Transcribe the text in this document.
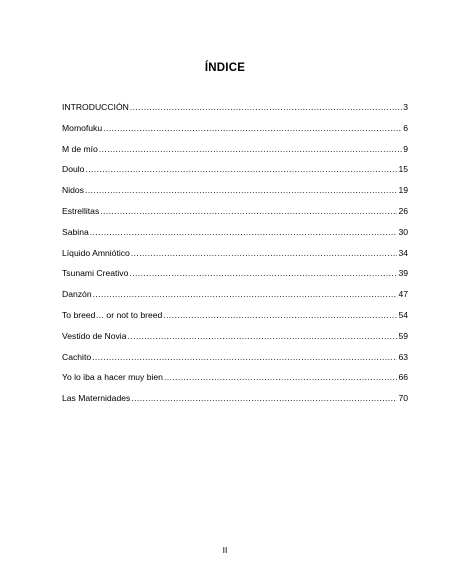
ÍNDICE
INTRODUCCIÓN .....	3
Momofuku .....	6
M de mío .....	9
Doulo .....	15
Nidos .....	19
Estrellitas .....	26
Sabina .....	30
Líquido Amniótico .....	34
Tsunami Creativo .....	39
Danzón .....	47
To breed… or not to breed .....	54
Vestido de Novia .....	59
Cachito .....	63
Yo lo iba a hacer muy bien .....	66
Las Maternidades .....	70
II
